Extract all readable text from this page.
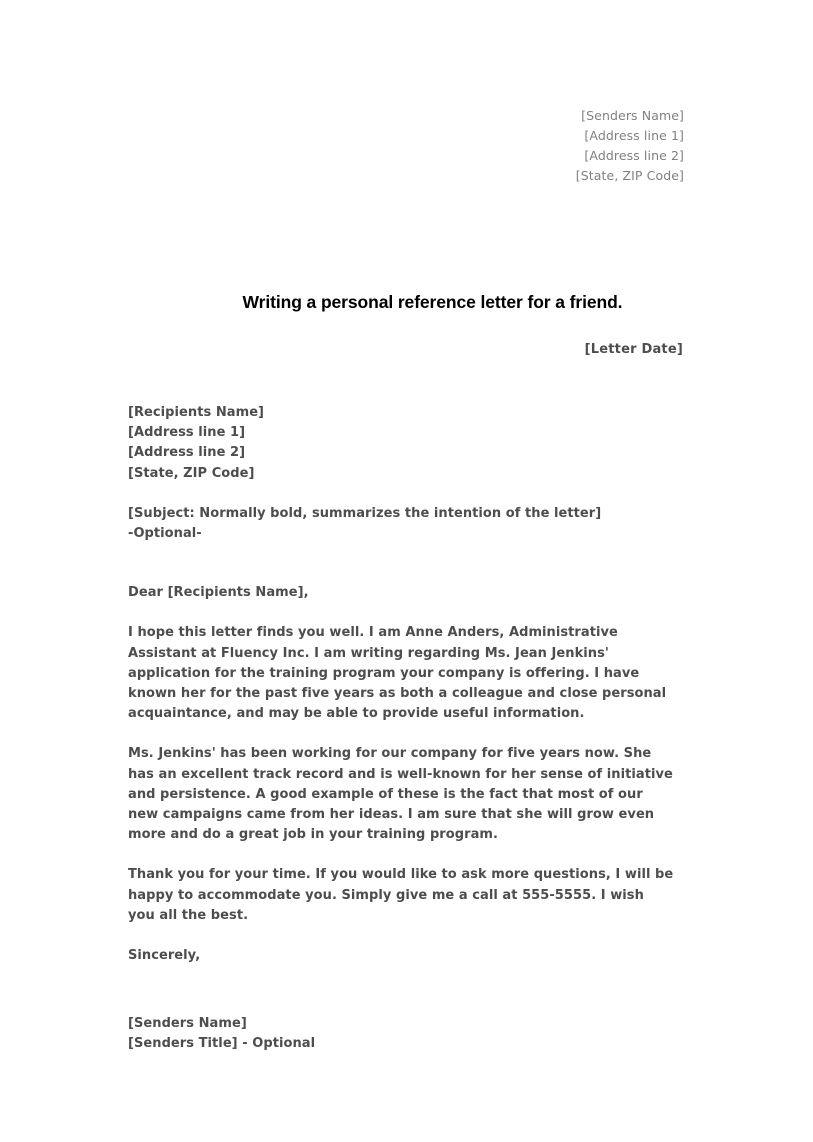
[Senders Name]
[Address line 1]
[Address line 2]
[State, ZIP Code]
Writing a personal reference letter for a friend.
[Letter Date]
[Recipients Name]
[Address line 1]
[Address line 2]
[State, ZIP Code]
[Subject: Normally bold, summarizes the intention of the letter]
-Optional-
Dear [Recipients Name],

I hope this letter finds you well. I am Anne Anders, Administrative Assistant at Fluency Inc. I am writing regarding Ms. Jean Jenkins' application for the training program your company is offering. I have known her for the past five years as both a colleague and close personal acquaintance, and may be able to provide useful information.

Ms. Jenkins' has been working for our company for five years now. She has an excellent track record and is well-known for her sense of initiative and persistence. A good example of these is the fact that most of our new campaigns came from her ideas. I am sure that she will grow even more and do a great job in your training program.

Thank you for your time. If you would like to ask more questions, I will be happy to accommodate you. Simply give me a call at 555-5555. I wish you all the best.

Sincerely,
[Senders Name]
[Senders Title] - Optional
